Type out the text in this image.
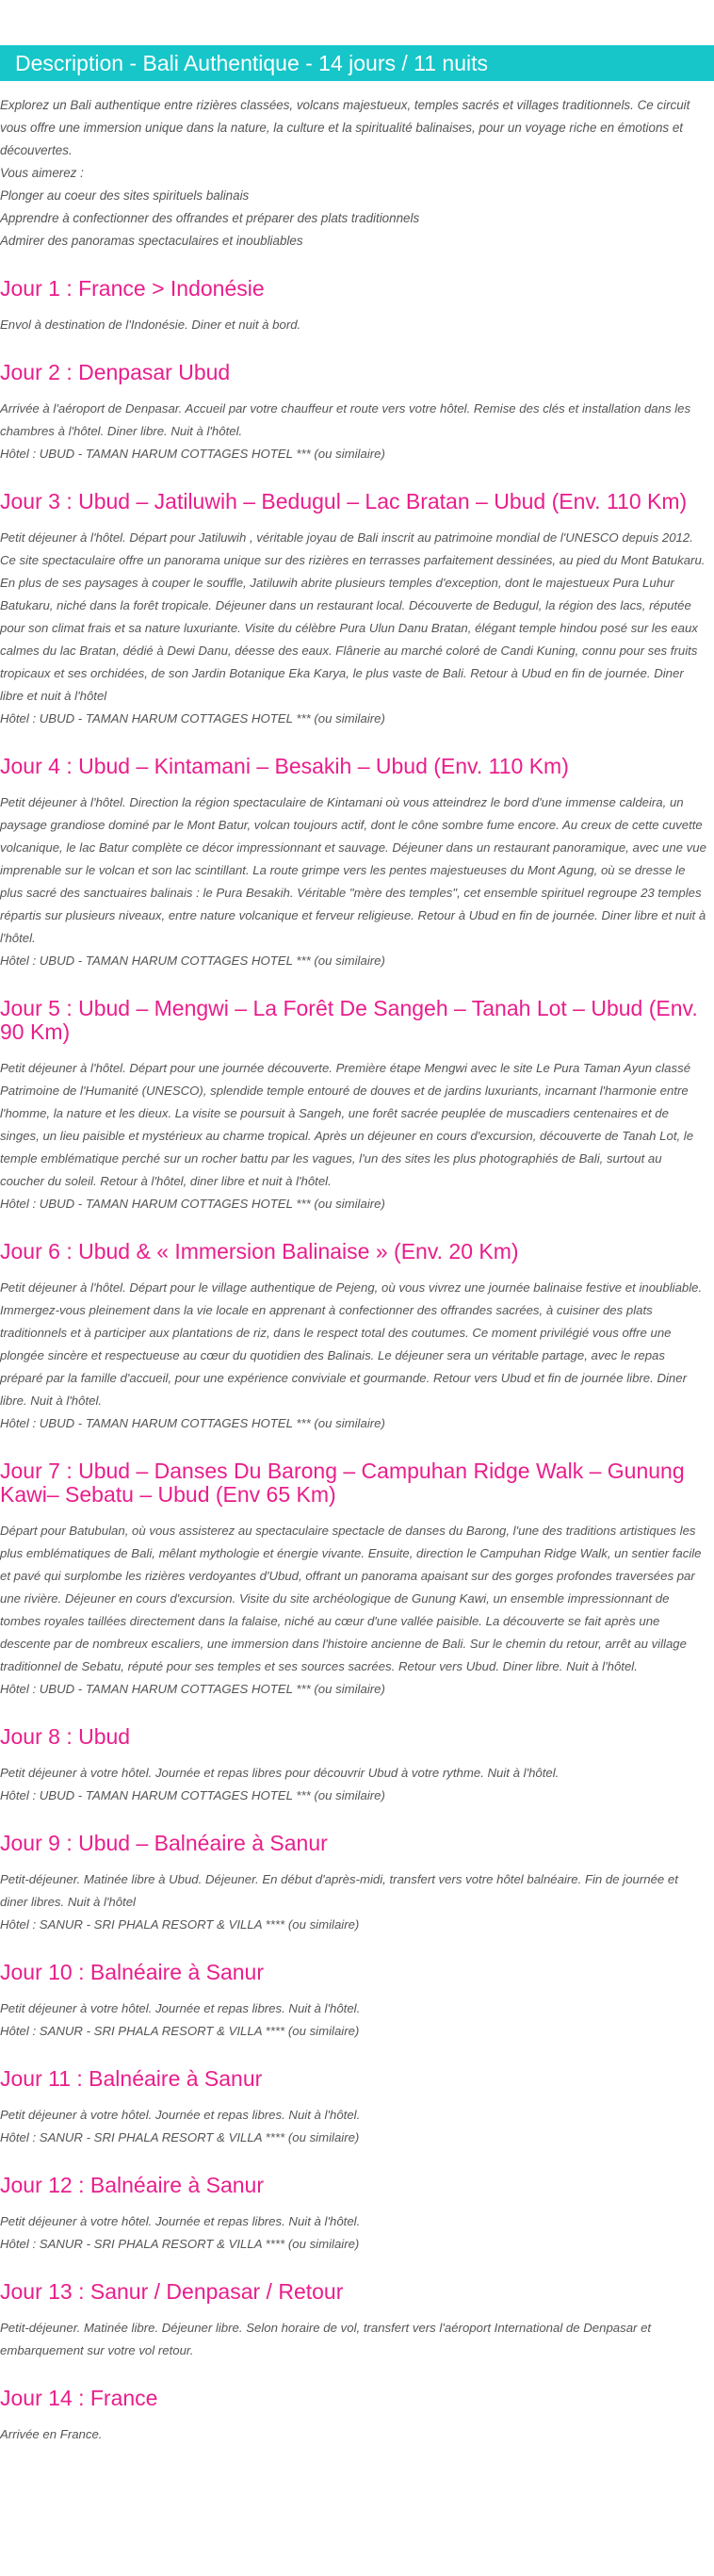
Description - Bali Authentique - 14 jours / 11 nuits

Explorez un Bali authentique entre rizières classées, volcans majestueux, temples sacrés et villages traditionnels. Ce circuit vous offre une immersion unique dans la nature, la culture et la spiritualité balinaises, pour un voyage riche en émotions et découvertes.

Vous aimerez :

Plonger au coeur des sites spirituels balinais

Apprendre à confectionner des offrandes et préparer des plats traditionnels

Admirer des panoramas spectaculaires et inoubliables

Jour 1 : France > Indonésie

Envol à destination de l'Indonésie. Diner et nuit à bord.

Jour 2 : Denpasar Ubud

Arrivée à l'aéroport de Denpasar. Accueil par votre chauffeur et route vers votre hôtel. Remise des clés et installation dans les chambres à l'hôtel. Diner libre. Nuit à l'hôtel.

Hôtel : UBUD - TAMAN HARUM COTTAGES HOTEL *** (ou similaire)

Jour 3 : Ubud – Jatiluwih – Bedugul – Lac Bratan – Ubud (Env. 110 Km)

Petit déjeuner à l'hôtel. Départ pour Jatiluwih , véritable joyau de Bali inscrit au patrimoine mondial de l'UNESCO depuis 2012. Ce site spectaculaire offre un panorama unique sur des rizières en terrasses parfaitement dessinées, au pied du Mont Batukaru. En plus de ses paysages à couper le souffle, Jatiluwih abrite plusieurs temples d'exception, dont le majestueux Pura Luhur Batukaru, niché dans la forêt tropicale. Déjeuner dans un restaurant local. Découverte de Bedugul, la région des lacs, réputée pour son climat frais et sa nature luxuriante. Visite du célèbre Pura Ulun Danu Bratan, élégant temple hindou posé sur les eaux calmes du lac Bratan, dédié à Dewi Danu, déesse des eaux. Flânerie au marché coloré de Candi Kuning, connu pour ses fruits tropicaux et ses orchidées, de son Jardin Botanique Eka Karya, le plus vaste de Bali. Retour à Ubud en fin de journée. Diner libre et nuit à l'hôtel

Hôtel : UBUD - TAMAN HARUM COTTAGES HOTEL *** (ou similaire)

Jour 4 : Ubud – Kintamani – Besakih – Ubud (Env. 110 Km)

Petit déjeuner à l'hôtel. Direction la région spectaculaire de Kintamani où vous atteindrez le bord d'une immense caldeira, un paysage grandiose dominé par le Mont Batur, volcan toujours actif, dont le cône sombre fume encore. Au creux de cette cuvette volcanique, le lac Batur complète ce décor impressionnant et sauvage. Déjeuner dans un restaurant panoramique, avec une vue imprenable sur le volcan et son lac scintillant. La route grimpe vers les pentes majestueuses du Mont Agung, où se dresse le plus sacré des sanctuaires balinais : le Pura Besakih. Véritable "mère des temples", cet ensemble spirituel regroupe 23 temples répartis sur plusieurs niveaux, entre nature volcanique et ferveur religieuse. Retour à Ubud en fin de journée. Diner libre et nuit à l'hôtel.

Hôtel : UBUD - TAMAN HARUM COTTAGES HOTEL *** (ou similaire)

Jour 5 : Ubud – Mengwi – La Forêt De Sangeh – Tanah Lot – Ubud (Env. 90 Km)

Petit déjeuner à l'hôtel. Départ pour une journée découverte. Première étape Mengwi avec le site Le Pura Taman Ayun classé Patrimoine de l'Humanité (UNESCO), splendide temple entouré de douves et de jardins luxuriants, incarnant l'harmonie entre l'homme, la nature et les dieux. La visite se poursuit à Sangeh, une forêt sacrée peuplée de muscadiers centenaires et de singes, un lieu paisible et mystérieux au charme tropical. Après un déjeuner en cours d'excursion, découverte de Tanah Lot, le temple emblématique perché sur un rocher battu par les vagues, l'un des sites les plus photographiés de Bali, surtout au coucher du soleil. Retour à l'hôtel, diner libre et nuit à l'hôtel.

Hôtel : UBUD - TAMAN HARUM COTTAGES HOTEL *** (ou similaire)

Jour 6 : Ubud & « Immersion Balinaise » (Env. 20 Km)

Petit déjeuner à l'hôtel. Départ pour le village authentique de Pejeng, où vous vivrez une journée balinaise festive et inoubliable. Immergez-vous pleinement dans la vie locale en apprenant à confectionner des offrandes sacrées, à cuisiner des plats traditionnels et à participer aux plantations de riz, dans le respect total des coutumes. Ce moment privilégié vous offre une plongée sincère et respectueuse au cœur du quotidien des Balinais. Le déjeuner sera un véritable partage, avec le repas préparé par la famille d'accueil, pour une expérience conviviale et gourmande. Retour vers Ubud et fin de journée libre. Diner libre. Nuit à l'hôtel.

Hôtel : UBUD - TAMAN HARUM COTTAGES HOTEL *** (ou similaire)

Jour 7 : Ubud – Danses Du Barong – Campuhan Ridge Walk – Gunung Kawi– Sebatu – Ubud (Env 65 Km)

Départ pour Batubulan, où vous assisterez au spectaculaire spectacle de danses du Barong, l'une des traditions artistiques les plus emblématiques de Bali, mêlant mythologie et énergie vivante. Ensuite, direction le Campuhan Ridge Walk, un sentier facile et pavé qui surplombe les rizières verdoyantes d'Ubud, offrant un panorama apaisant sur des gorges profondes traversées par une rivière. Déjeuner en cours d'excursion. Visite du site archéologique de Gunung Kawi, un ensemble impressionnant de tombes royales taillées directement dans la falaise, niché au cœur d'une vallée paisible. La découverte se fait après une descente par de nombreux escaliers, une immersion dans l'histoire ancienne de Bali. Sur le chemin du retour, arrêt au village traditionnel de Sebatu, réputé pour ses temples et ses sources sacrées. Retour vers Ubud. Diner libre. Nuit à l'hôtel.

Hôtel : UBUD - TAMAN HARUM COTTAGES HOTEL *** (ou similaire)

Jour 8 : Ubud

Petit déjeuner à votre hôtel. Journée et repas libres pour découvrir Ubud à votre rythme. Nuit à l'hôtel.

Hôtel : UBUD - TAMAN HARUM COTTAGES HOTEL *** (ou similaire)

Jour 9 : Ubud – Balnéaire à Sanur

Petit-déjeuner. Matinée libre à Ubud. Déjeuner. En début d'après-midi, transfert vers votre hôtel balnéaire. Fin de journée et diner libres. Nuit à l'hôtel

Hôtel : SANUR - SRI PHALA RESORT & VILLA **** (ou similaire)

Jour 10 : Balnéaire à Sanur

Petit déjeuner à votre hôtel. Journée et repas libres. Nuit à l'hôtel.

Hôtel : SANUR - SRI PHALA RESORT & VILLA **** (ou similaire)

Jour 11 : Balnéaire à Sanur

Petit déjeuner à votre hôtel. Journée et repas libres. Nuit à l'hôtel.

Hôtel : SANUR - SRI PHALA RESORT & VILLA **** (ou similaire)

Jour 12 : Balnéaire à Sanur

Petit déjeuner à votre hôtel. Journée et repas libres. Nuit à l'hôtel.

Hôtel : SANUR - SRI PHALA RESORT & VILLA **** (ou similaire)

Jour 13 : Sanur / Denpasar / Retour

Petit-déjeuner. Matinée libre. Déjeuner libre. Selon horaire de vol, transfert vers l'aéroport International de Denpasar et embarquement sur votre vol retour.

Jour 14 : France

Arrivée en France.
